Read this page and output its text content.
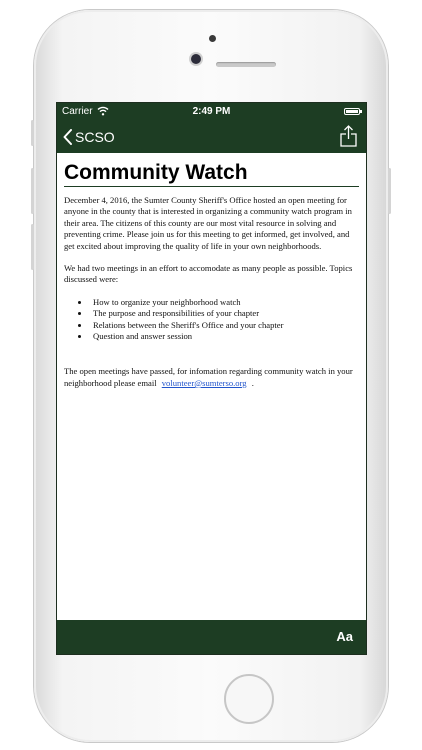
Carrier	2:49 PM
SCSO
Community Watch

December 4, 2016, the Sumter County Sheriff's Office hosted an open meeting for anyone in the county that is interested in organizing a community watch program in their area. The citizens of this county are our most vital resource in solving and preventing crime. Please join us for this meeting to get informed, get involved, and get excited about improving the quality of life in your own neighborhoods.

We had two meetings in an effort to accomodate as many people as possible. Topics discussed were:

• How to organize your neighborhood watch
• The purpose and responsibilities of your chapter
• Relations between the Sheriff's Office and your chapter
• Question and answer session

The open meetings have passed, for infomation regarding community watch in your neighborhood please email volunteer@sumterso.org .

Aa
